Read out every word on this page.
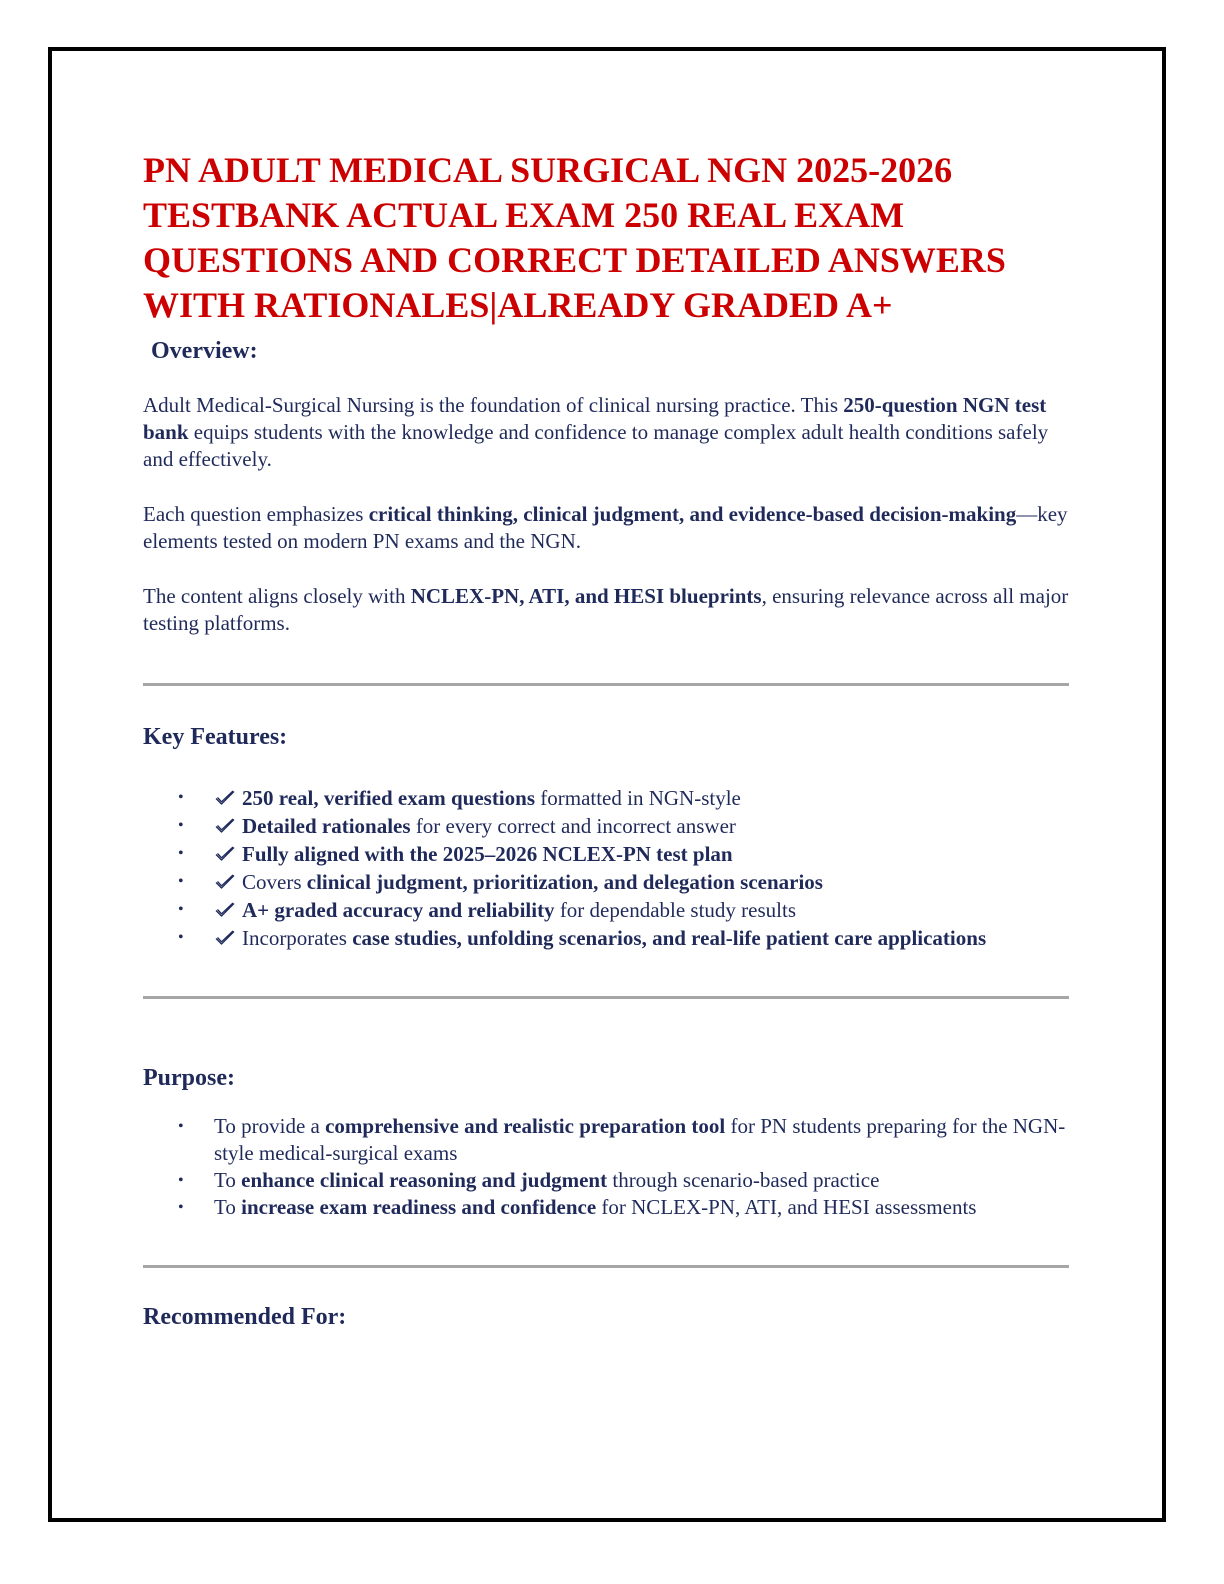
PN ADULT MEDICAL SURGICAL NGN 2025-2026
TESTBANK ACTUAL EXAM 250 REAL EXAM
QUESTIONS AND CORRECT DETAILED ANSWERS
WITH RATIONALES|ALREADY GRADED A+
Overview:

Adult Medical-Surgical Nursing is the foundation of clinical nursing practice. This 250-question NGN test bank equips students with the knowledge and confidence to manage complex adult health conditions safely and effectively.

Each question emphasizes critical thinking, clinical judgment, and evidence-based decision-making—key elements tested on modern PN exams and the NGN.

The content aligns closely with NCLEX-PN, ATI, and HESI blueprints, ensuring relevance across all major testing platforms.

Key Features:
•	250 real, verified exam questions formatted in NGN-style
•	Detailed rationales for every correct and incorrect answer
•	Fully aligned with the 2025–2026 NCLEX-PN test plan
•	Covers clinical judgment, prioritization, and delegation scenarios
•	A+ graded accuracy and reliability for dependable study results
•	Incorporates case studies, unfolding scenarios, and real-life patient care applications
Purpose:
• To provide a comprehensive and realistic preparation tool for PN students preparing for the NGN-style medical-surgical exams
• To enhance clinical reasoning and judgment through scenario-based practice
• To increase exam readiness and confidence for NCLEX-PN, ATI, and HESI assessments
Recommended For:
